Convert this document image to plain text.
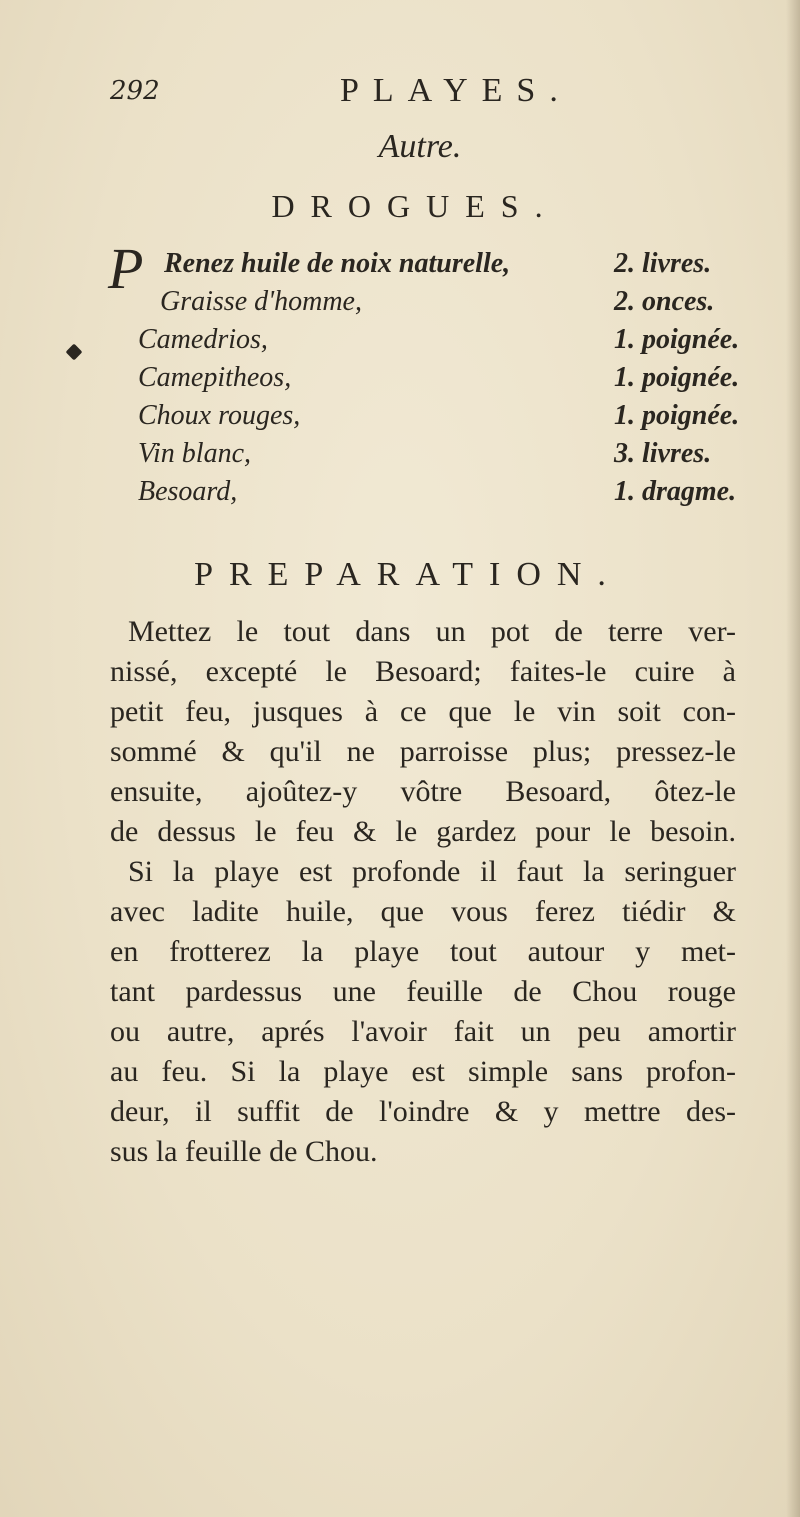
292	PLAYES.
Autre.
DROGUES.
P Renez huile de noix naturelle,	2. livres.
Graisse d'homme,	2. onces.
Camedrios,	1. poignée.
Camepitheos,	1. poignée.
Choux rouges,	1. poignée.
Vin blanc,	3. livres.
Besoard,	1. dragme.
PREPARATION.
Mettez le tout dans un pot de terre ver-
nissé, excepté le Besoard; faites-le cuire à
petit feu, jusques à ce que le vin soit con-
sommé & qu'il ne parroisse plus; pressez-le
ensuite, ajoûtez-y vôtre Besoard, ôtez-le
de dessus le feu & le gardez pour le besoin.
Si la playe est profonde il faut la seringuer
avec ladite huile, que vous ferez tiédir &
en frotterez la playe tout autour y met-
tant pardessus une feuille de Chou rouge
ou autre, aprés l'avoir fait un peu amortir
au feu. Si la playe est simple sans profon-
deur, il suffit de l'oindre & y mettre des-
sus la feuille de Chou.
